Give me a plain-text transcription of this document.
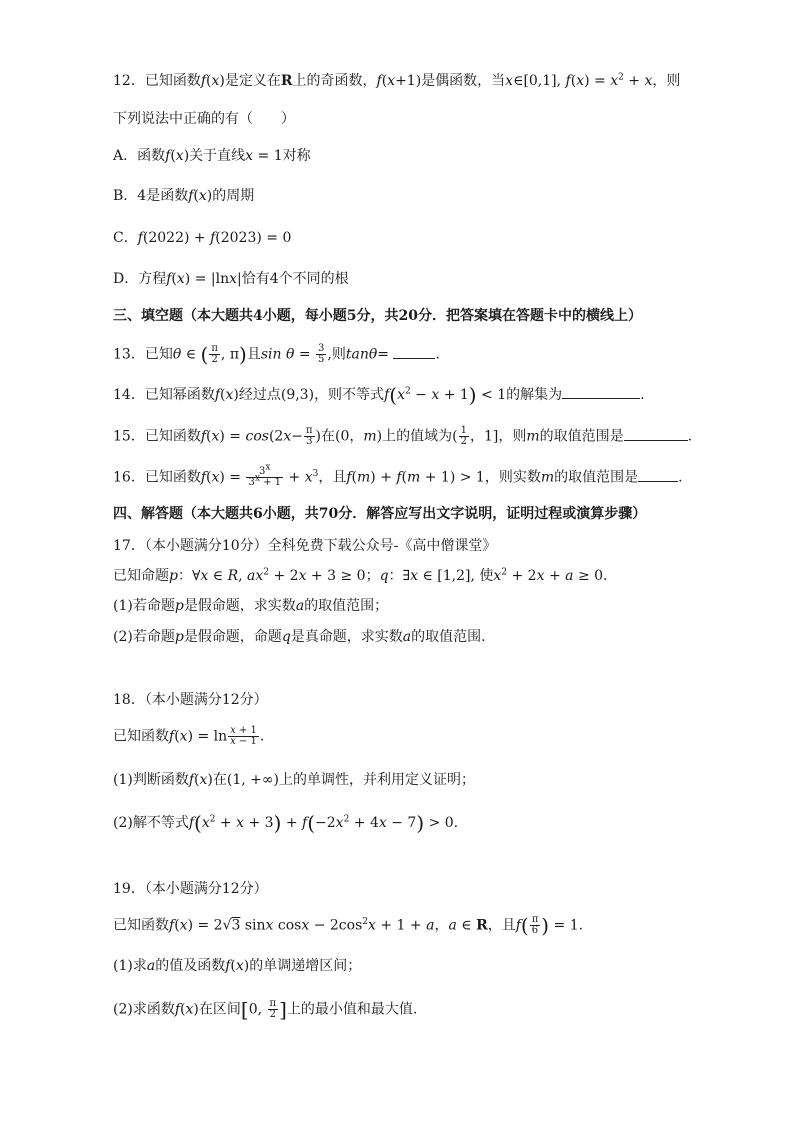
12．已知函数f(x)是定义在R上的奇函数，f(x+1)是偶函数，当x∈[0,1], $f(x) = x^2 + x$，则
下列说法中正确的有（　　）
A．函数f(x)关于直线x = 1对称
B．4是函数f(x)的周期
C．f(2022) + f(2023) = 0
D．方程f(x) = |lnx|恰有4个不同的根
三、填空题（本大题共4小题，每小题5分，共20分．把答案填在答题卡中的横线上）
13．已知θ ∈ ( $\frac{\pi}{2}$ , π)且$\sin \theta = \frac{3}{5}$ ,则tanθ=	.
14．已知幂函数f(x)经过点(9,3)，则不等式$f(x^2 - x + 1) < 1$的解集为	.
15．已知函数$f(x) = \cos(2x- \frac{\pi}{3}$ )在(0，m)上的值域为( $\frac{1}{2}$ ，1]，则m的取值范围是	.
16．已知函数$f(x) = \frac{3^x}{3^x + 1} + x^3$，且f(m) + f(m + 1) > 1，则实数m的取值范围是	.
四、解答题（本大题共6小题，共70分．解答应写出文字说明，证明过程或演算步骤）
17．（本小题满分10分）全科免费下载公众号-《高中僧课堂》
已知命题p：∀x ∈ R, $ax^2 + 2x + 3 \ge 0$；q：∃x ∈ [1,2], 使$x^2 + 2x + a \ge 0$.
(1)若命题p是假命题，求实数a的取值范围；
(2)若命题p是假命题，命题q是真命题，求实数a的取值范围.
18．（本小题满分12分）
已知函数$f(x) = \ln \frac{x + 1}{x - 1}$ .
(1)判断函数f(x)在(1, +∞)上的单调性，并利用定义证明；
(2)解不等式$f(x^2 + x + 3) + f(-2x^2 + 4x - 7) > 0$.
19．（本小题满分12分）
已知函数f(x) = 2√3 sinx $\cos x - 2\cos^2x + 1 + a$，a ∈ R，且$f( \frac{\pi}{6}$ ) = 1.
(1)求a的值及函数f(x)的单调递增区间；
(2)求函数f(x)在区间[0, $\frac{\pi}{2}$ ]上的最小值和最大值.
